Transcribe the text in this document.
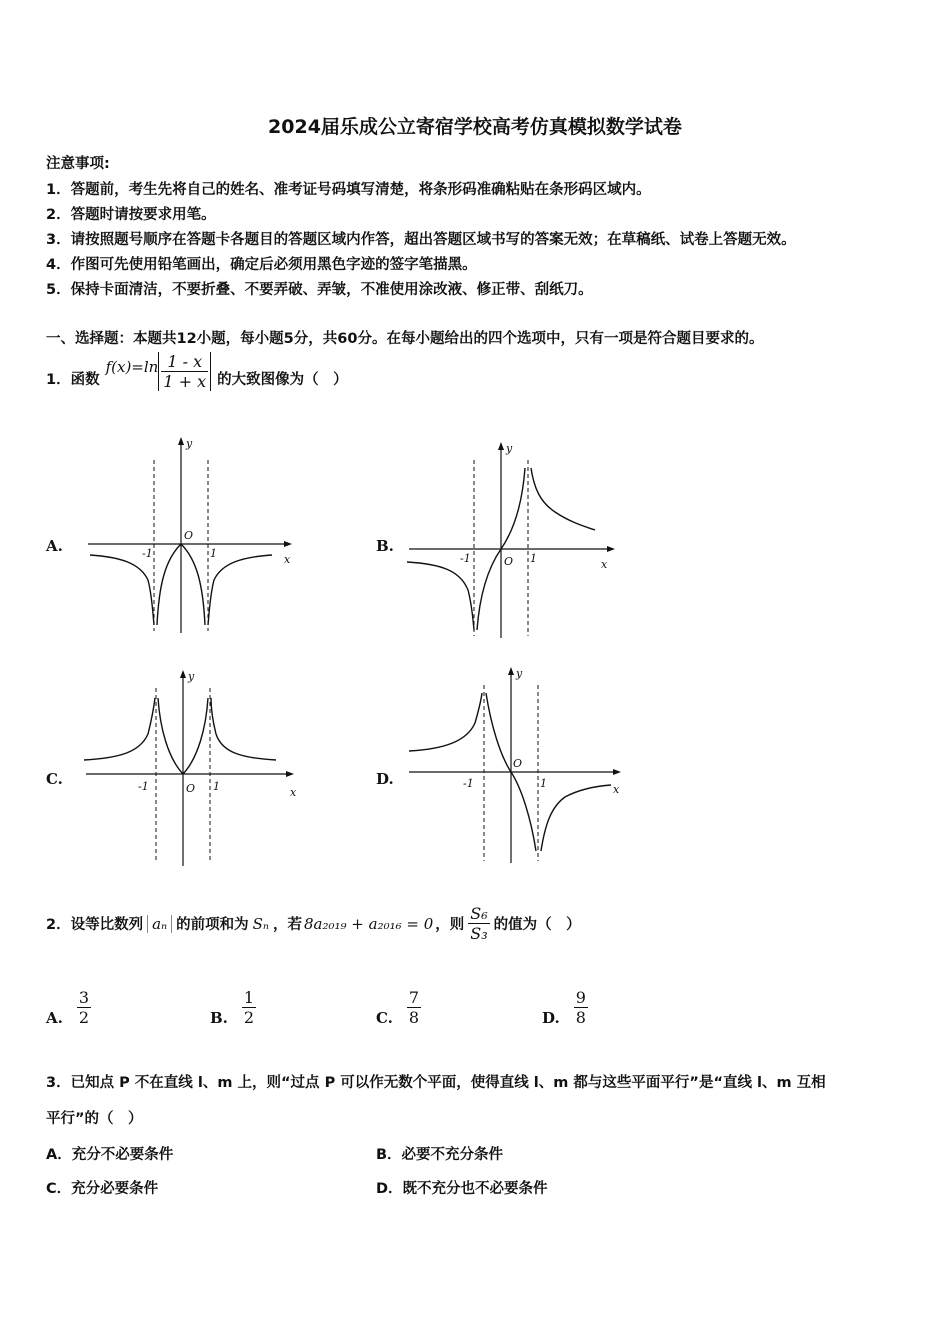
2024届乐成公立寄宿学校高考仿真模拟数学试卷
注意事项:
1．答题前，考生先将自己的姓名、准考证号码填写清楚，将条形码准确粘贴在条形码区域内。
2．答题时请按要求用笔。
3．请按照题号顺序在答题卡各题目的答题区域内作答，超出答题区域书写的答案无效；在草稿纸、试卷上答题无效。
4．作图可先使用铅笔画出，确定后必须用黑色字迹的签字笔描黑。
5．保持卡面清洁，不要折叠、不要弄破、弄皱，不准使用涂改液、修正带、刮纸刀。
一、选择题：本题共12小题，每小题5分，共60分。在每小题给出的四个选项中，只有一项是符合题目要求的。
1．函数
$f(x)=\ln \frac{1 - x}{1 + x}$ 的大致图像为（　）
A.	B.
C.	D.
y
O
-1	1	x
y
O
-1	1	x
y
O
-1	1	x
y
O
-1	1	x
2．设等比数列 aₙ 的前项和为 Sₙ ，若 8a₂₀₁₉ + a₂₀₁₆ = 0 ，则 $\frac{\text{S₆}}{\text{S₃}}$ 的值为（　）
A. $\frac{3}{2}$	B. $\frac{1}{2}$	C. $\frac{7}{8}$	D. $\frac{9}{8}$
3．已知点 P 不在直线 l、m 上，则“过点 P 可以作无数个平面，使得直线 l、m 都与这些平面平行”是“直线 l、m 互相
平行”的（　）
A．充分不必要条件	B．必要不充分条件
C．充分必要条件	D．既不充分也不必要条件
